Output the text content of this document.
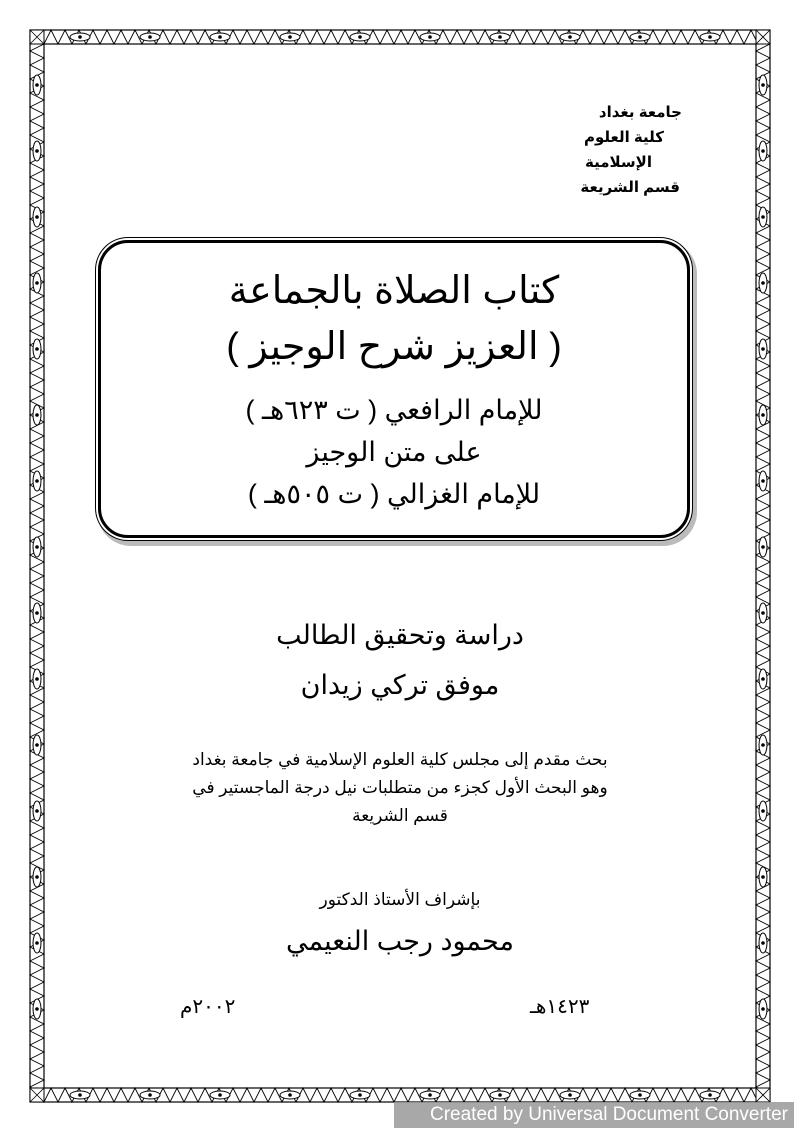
جامعة بغداد
كلية العلوم
الإسلامية
قسم الشريعة
كتاب الصلاة بالجماعة
( العزيز شرح الوجيز )
للإمام الرافعي ( ت ٦٢٣هـ )
على متن الوجيز
للإمام الغزالي ( ت ٥٠٥هـ )
دراسة وتحقيق الطالب
موفق تركي زيدان
بحث مقدم إلى مجلس كلية العلوم الإسلامية في جامعة بغداد
وهو البحث الأول كجزء من متطلبات نيل درجة الماجستير في
قسم الشريعة
بإشراف الأستاذ الدكتور
محمود رجب النعيمي
١٤٢٣هـ
٢٠٠٢م
Created by Universal Document Converter
